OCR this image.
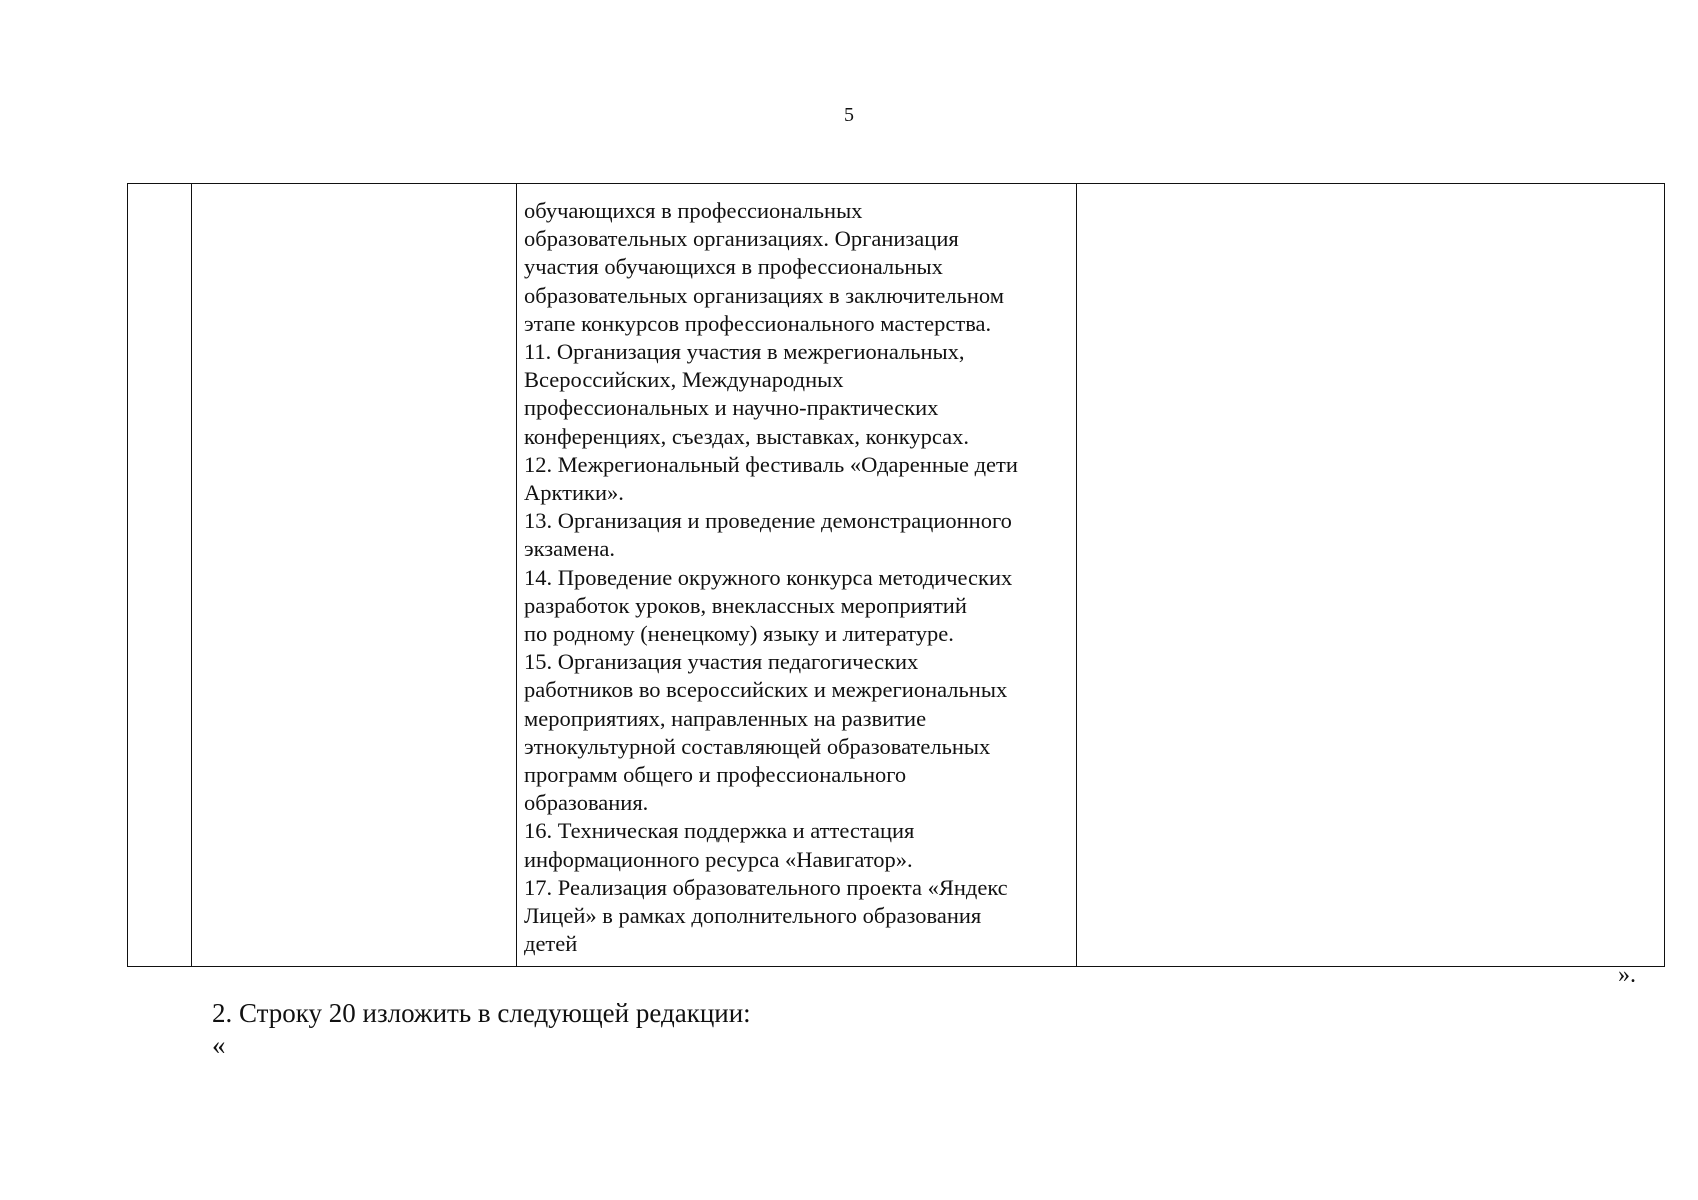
5

обучающихся в профессиональных
образовательных организациях. Организация
участия обучающихся в профессиональных
образовательных организациях в заключительном
этапе конкурсов профессионального мастерства.
11. Организация участия в межрегиональных,
Всероссийских, Международных
профессиональных и научно-практических
конференциях, съездах, выставках, конкурсах.
12. Межрегиональный фестиваль «Одаренные дети
Арктики».
13. Организация и проведение демонстрационного
экзамена.
14. Проведение окружного конкурса методических
разработок уроков, внеклассных мероприятий
по родному (ненецкому) языку и литературе.
15. Организация участия педагогических
работников во всероссийских и межрегиональных
мероприятиях, направленных на развитие
этнокультурной составляющей образовательных
программ общего и профессионального
образования.
16. Техническая поддержка и аттестация
информационного ресурса «Навигатор».
17. Реализация образовательного проекта «Яндекс
Лицей» в рамках дополнительного образования
детей

».
2. Строку 20 изложить в следующей редакции:
«
